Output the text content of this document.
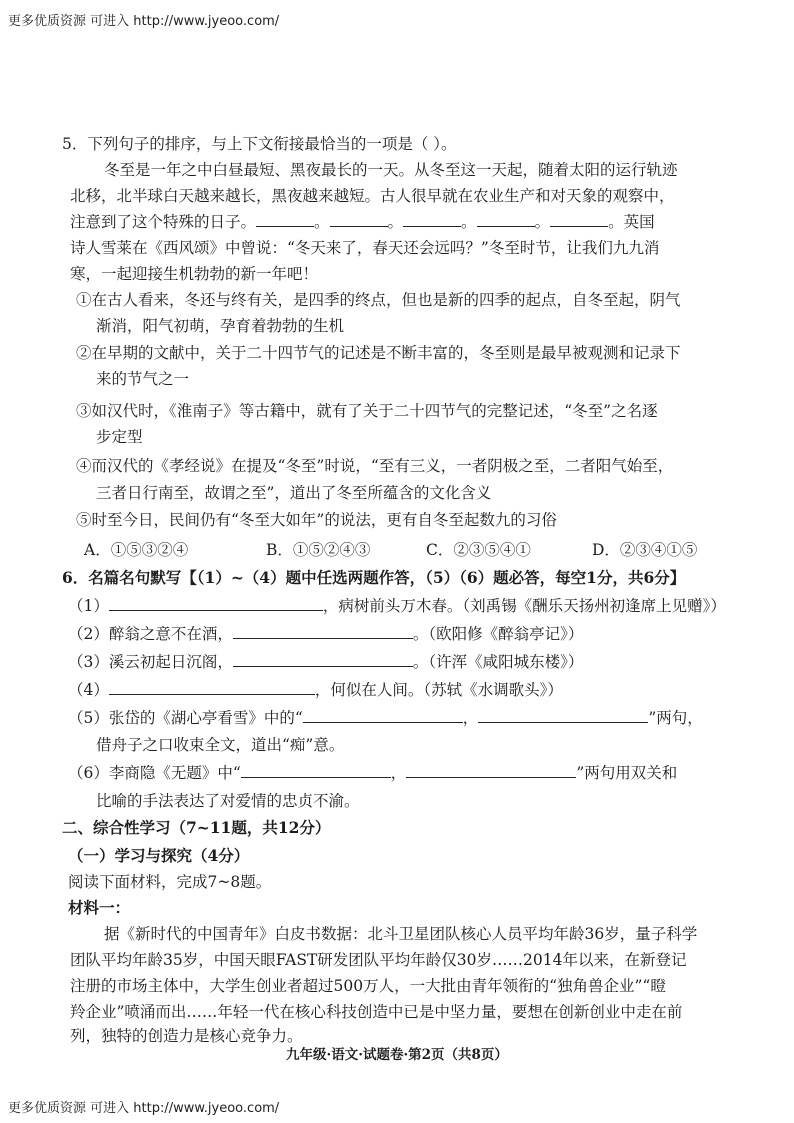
更多优质资源 可进入 http://www.jyeoo.com/
5．下列句子的排序，与上下文衔接最恰当的一项是（ ）。
冬至是一年之中白昼最短、黑夜最长的一天。从冬至这一天起，随着太阳的运行轨迹
北移，北半球白天越来越长，黑夜越来越短。古人很早就在农业生产和对天象的观察中，
注意到了这个特殊的日子。	。	。	。	。	。英国
诗人雪莱在《西风颂》中曾说：“冬天来了，春天还会远吗？”冬至时节，让我们九九消
寒，一起迎接生机勃勃的新一年吧！
①在古人看来，冬还与终有关，是四季的终点，但也是新的四季的起点，自冬至起，阴气
渐消，阳气初萌，孕育着勃勃的生机
②在早期的文献中，关于二十四节气的记述是不断丰富的，冬至则是最早被观测和记录下
来的节气之一
③如汉代时，《淮南子》等古籍中，就有了关于二十四节气的完整记述，“冬至”之名逐
步定型
④而汉代的《孝经说》在提及“冬至”时说，“至有三义，一者阴极之至，二者阳气始至，
三者日行南至，故谓之至”，道出了冬至所蕴含的文化含义
⑤时至今日，民间仍有“冬至大如年”的说法，更有自冬至起数九的习俗
A．①⑤③②④	B．①⑤②④③	C．②③⑤④①	D．②③④①⑤
6．名篇名句默写【（1）~（4）题中任选两题作答，（5）（6）题必答，每空1分，共6分】
（1）	，病树前头万木春。（刘禹锡《酬乐天扬州初逢席上见赠》）
（2）醉翁之意不在酒，	。（欧阳修《醉翁亭记》）
（3）溪云初起日沉阁，	。（许浑《咸阳城东楼》）
（4）	，何似在人间。（苏轼《水调歌头》）
（5）张岱的《湖心亭看雪》中的“	，	”两句，
借舟子之口收束全文，道出“痴”意。
（6）李商隐《无题》中“	，	”两句用双关和
比喻的手法表达了对爱情的忠贞不渝。
二、综合性学习（7~11题，共12分）
（一）学习与探究（4分）
阅读下面材料，完成7~8题。
材料一：
据《新时代的中国青年》白皮书数据：北斗卫星团队核心人员平均年龄36岁，量子科学
团队平均年龄35岁，中国天眼FAST研发团队平均年龄仅30岁……2014年以来，在新登记
注册的市场主体中，大学生创业者超过500万人，一大批由青年领衔的“独角兽企业”“瞪
羚企业”喷涌而出……年轻一代在核心科技创造中已是中坚力量，要想在创新创业中走在前
列，独特的创造力是核心竞争力。
九年级·语文·试题卷·第2页（共8页）
更多优质资源 可进入 http://www.jyeoo.com/
